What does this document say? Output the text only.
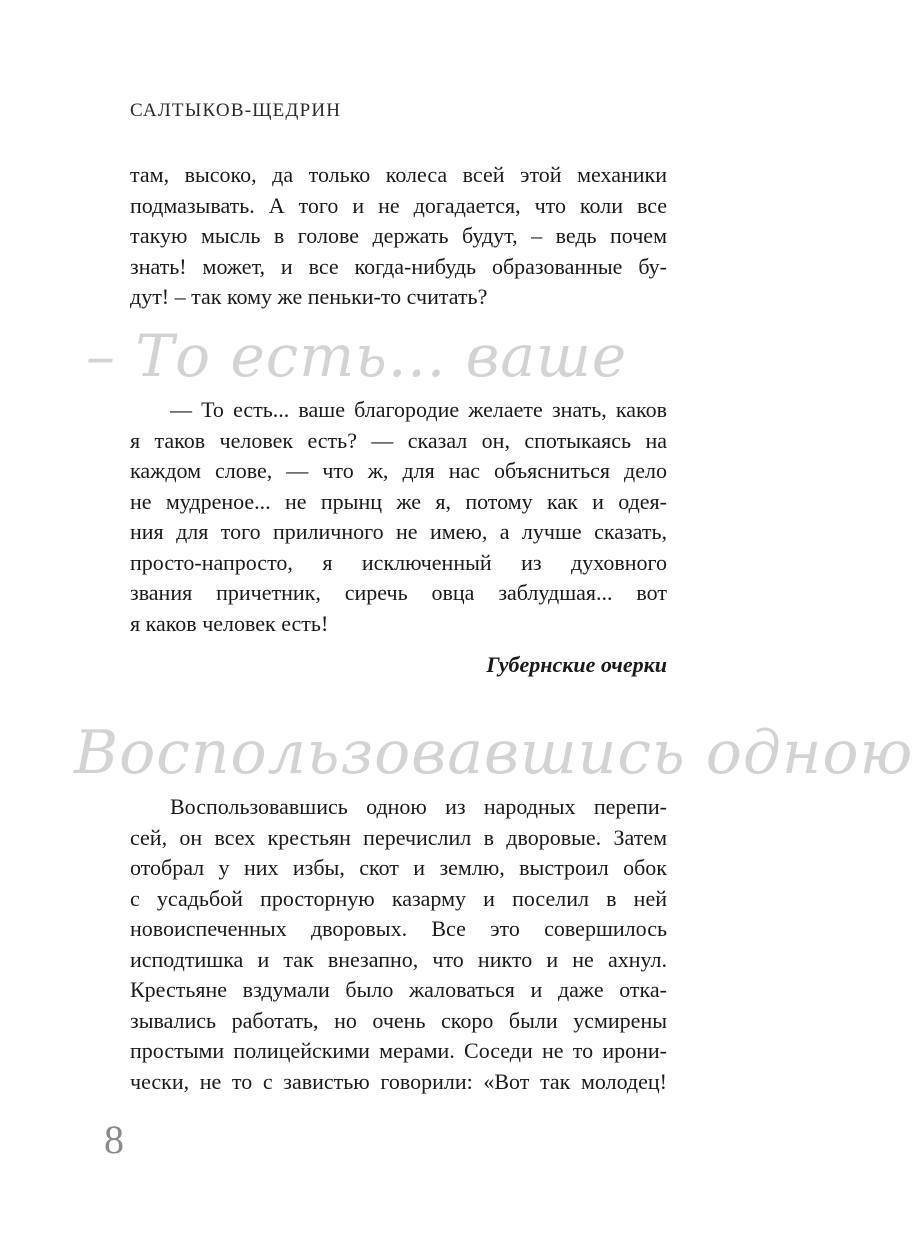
САЛТЫКОВ-ЩЕДРИН
там, высоко, да только колеса всей этой механики
подмазывать. А того и не догадается, что коли все
такую мысль в голове держать будут, – ведь почем
знать! может, и все когда-нибудь образованные бу-
дут! – так кому же пеньки-то считать?
– То есть... ваше
— То есть... ваше благородие желаете знать, каков
я таков человек есть? — сказал он, спотыкаясь на
каждом слове, — что ж, для нас объясниться дело
не мудреное... не прынц же я, потому как и одея-
ния для того приличного не имею, а лучше сказать,
просто-напросто, я исключенный из духовного
звания причетник, сиречь овца заблудшая... вот
я каков человек есть!
Губернские очерки
Воспользовавшись одною
Воспользовавшись одною из народных перепи-
сей, он всех крестьян перечислил в дворовые. Затем
отобрал у них избы, скот и землю, выстроил обок
с усадьбой просторную казарму и поселил в ней
новоиспеченных дворовых. Все это совершилось
исподтишка и так внезапно, что никто и не ахнул.
Крестьяне вздумали было жаловаться и даже отка-
зывались работать, но очень скоро были усмирены
простыми полицейскими мерами. Соседи не то ирони-
чески, не то с завистью говорили: «Вот так молодец!
8
